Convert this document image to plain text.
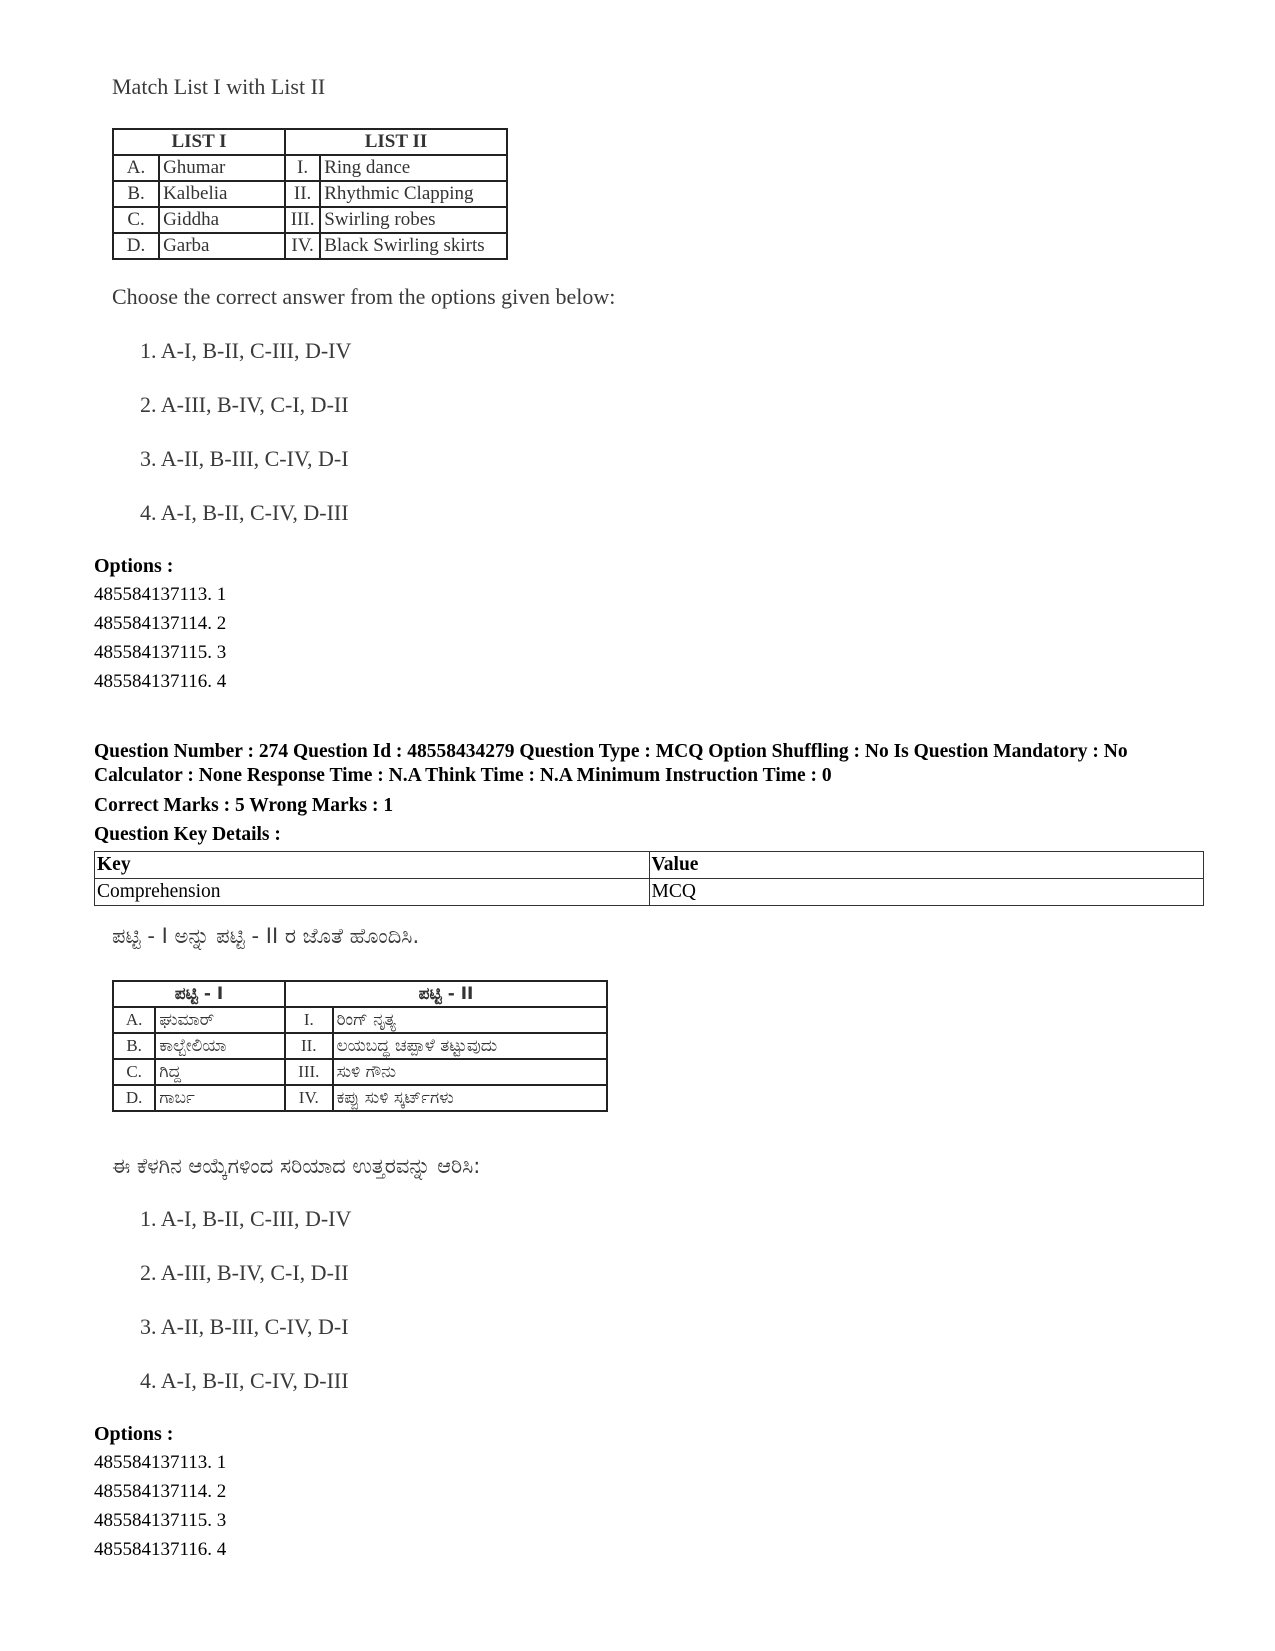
Match List I with List II
LIST I		LIST II	
A.	Ghumar	I.	Ring dance
B.	Kalbelia	II.	Rhythmic Clapping
C.	Giddha	III.	Swirling robes
D.	Garba	IV.	Black Swirling skirts
Choose the correct answer from the options given below:
1. A-I, B-II, C-III, D-IV
2. A-III, B-IV, C-I, D-II
3. A-II, B-III, C-IV, D-I
4. A-I, B-II, C-IV, D-III
Options :
485584137113. 1
485584137114. 2
485584137115. 3
485584137116. 4
Question Number : 274 Question Id : 48558434279 Question Type : MCQ Option Shuffling : No Is Question Mandatory : No Calculator : None Response Time : N.A Think Time : N.A Minimum Instruction Time : 0
Correct Marks : 5 Wrong Marks : 1
Question Key Details :
Key	Value
Comprehension	MCQ
ಪಟ್ಟಿ - I ಅನ್ನು ಪಟ್ಟಿ - II ರ ಜೊತೆ ಹೊಂದಿಸಿ.
ಪಟ್ಟಿ - I		ಪಟ್ಟಿ - II	
A.	ಘುಮಾರ್	I.	ರಿಂಗ್ ನೃತ್ಯ
B.	ಕಾಲ್ಬೇಲಿಯಾ	II.	ಲಯಬದ್ಧ ಚಪ್ಪಾಳೆ ತಟ್ಟುವುದು
C.	ಗಿದ್ದ	III.	ಸುಳಿ ಗೌನು
D.	ಗಾರ್ಬ	IV.	ಕಪ್ಪು ಸುಳಿ ಸ್ಕರ್ಟ್‌ಗಳು
ಈ ಕೆಳಗಿನ ಆಯ್ಕೆಗಳಿಂದ ಸರಿಯಾದ ಉತ್ತರವನ್ನು ಆರಿಸಿ:
1. A-I, B-II, C-III, D-IV
2. A-III, B-IV, C-I, D-II
3. A-II, B-III, C-IV, D-I
4. A-I, B-II, C-IV, D-III
Options :
485584137113. 1
485584137114. 2
485584137115. 3
485584137116. 4
